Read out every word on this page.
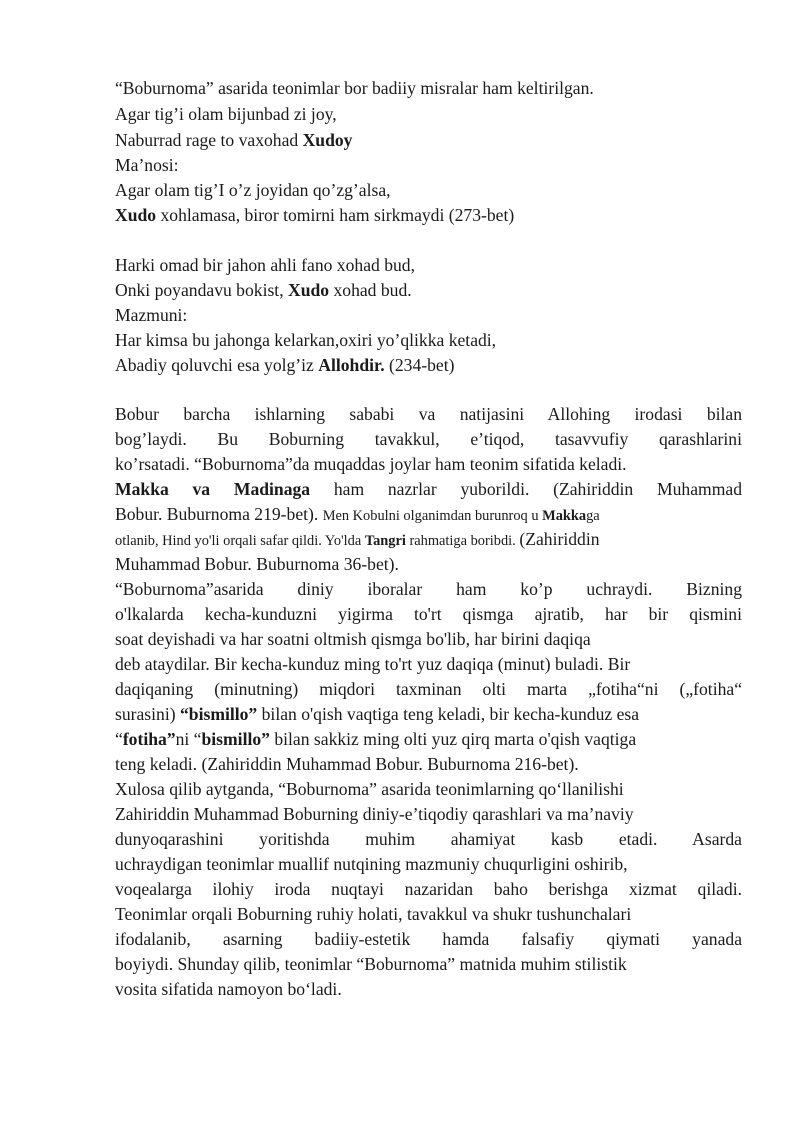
“Boburnoma” asarida teonimlar bor badiiy misralar ham keltirilgan.
Agar tig’i olam bijunbad zi joy,
Naburrad rage to vaxohad Xudoy
Ma’nosi:
Agar olam tig’I o’z joyidan qo’zg’alsa,
Xudo xohlamasa, biror tomirni ham sirkmaydi (273-bet)
Harki omad bir jahon ahli fano xohad bud,
Onki poyandavu bokist, Xudo xohad bud.
Mazmuni:
Har kimsa bu jahonga kelarkan,oxiri yo’qlikka ketadi,
Abadiy qoluvchi esa yolg’iz Allohdir. (234-bet)
Bobur barcha ishlarning sababi va natijasini Allohing irodasi bilan
bog’laydi. Bu Boburning tavakkul, e’tiqod, tasavvufiy qarashlarini
ko’rsatadi. “Boburnoma”da muqaddas joylar ham teonim sifatida keladi.
Makka va Madinaga ham nazrlar yuborildi. (Zahiriddin Muhammad
Bobur. Buburnoma 219-bet). Men Kobulni olganimdan burunroq u Makkaga
otlanib, Hind yo'li orqali safar qildi. Yo'lda Tangri rahmatiga boribdi. (Zahiriddin
Muhammad Bobur. Buburnoma 36-bet).
“Boburnoma”asarida diniy iboralar ham ko’p uchraydi. Bizning
o'lkalarda kecha-kunduzni yigirma to'rt qismga ajratib, har bir qismini
soat deyishadi va har soatni oltmish qismga bo'lib, har birini daqiqa
deb ataydilar. Bir kecha-kunduz ming to'rt yuz daqiqa (minut) buladi. Bir
daqiqaning (minutning) miqdori taxminan olti marta „fotiha“ni („fotiha“
surasini) “bismillo” bilan o'qish vaqtiga teng keladi, bir kecha-kunduz esa
“fotiha”ni “bismillo” bilan sakkiz ming olti yuz qirq marta o'qish vaqtiga
teng keladi. (Zahiriddin Muhammad Bobur. Buburnoma 216-bet).
Xulosa qilib aytganda, “Boburnoma” asarida teonimlarning qo‘llanilishi
Zahiriddin Muhammad Boburning diniy-e’tiqodiy qarashlari va ma’naviy
dunyoqarashini yoritishda muhim ahamiyat kasb etadi. Asarda
uchraydigan teonimlar muallif nutqining mazmuniy chuqurligini oshirib,
voqealarga ilohiy iroda nuqtayi nazaridan baho berishga xizmat qiladi.
Teonimlar orqali Boburning ruhiy holati, tavakkul va shukr tushunchalari
ifodalanib, asarning badiiy-estetik hamda falsafiy qiymati yanada
boyiydi. Shunday qilib, teonimlar “Boburnoma” matnida muhim stilistik
vosita sifatida namoyon bo‘ladi.
